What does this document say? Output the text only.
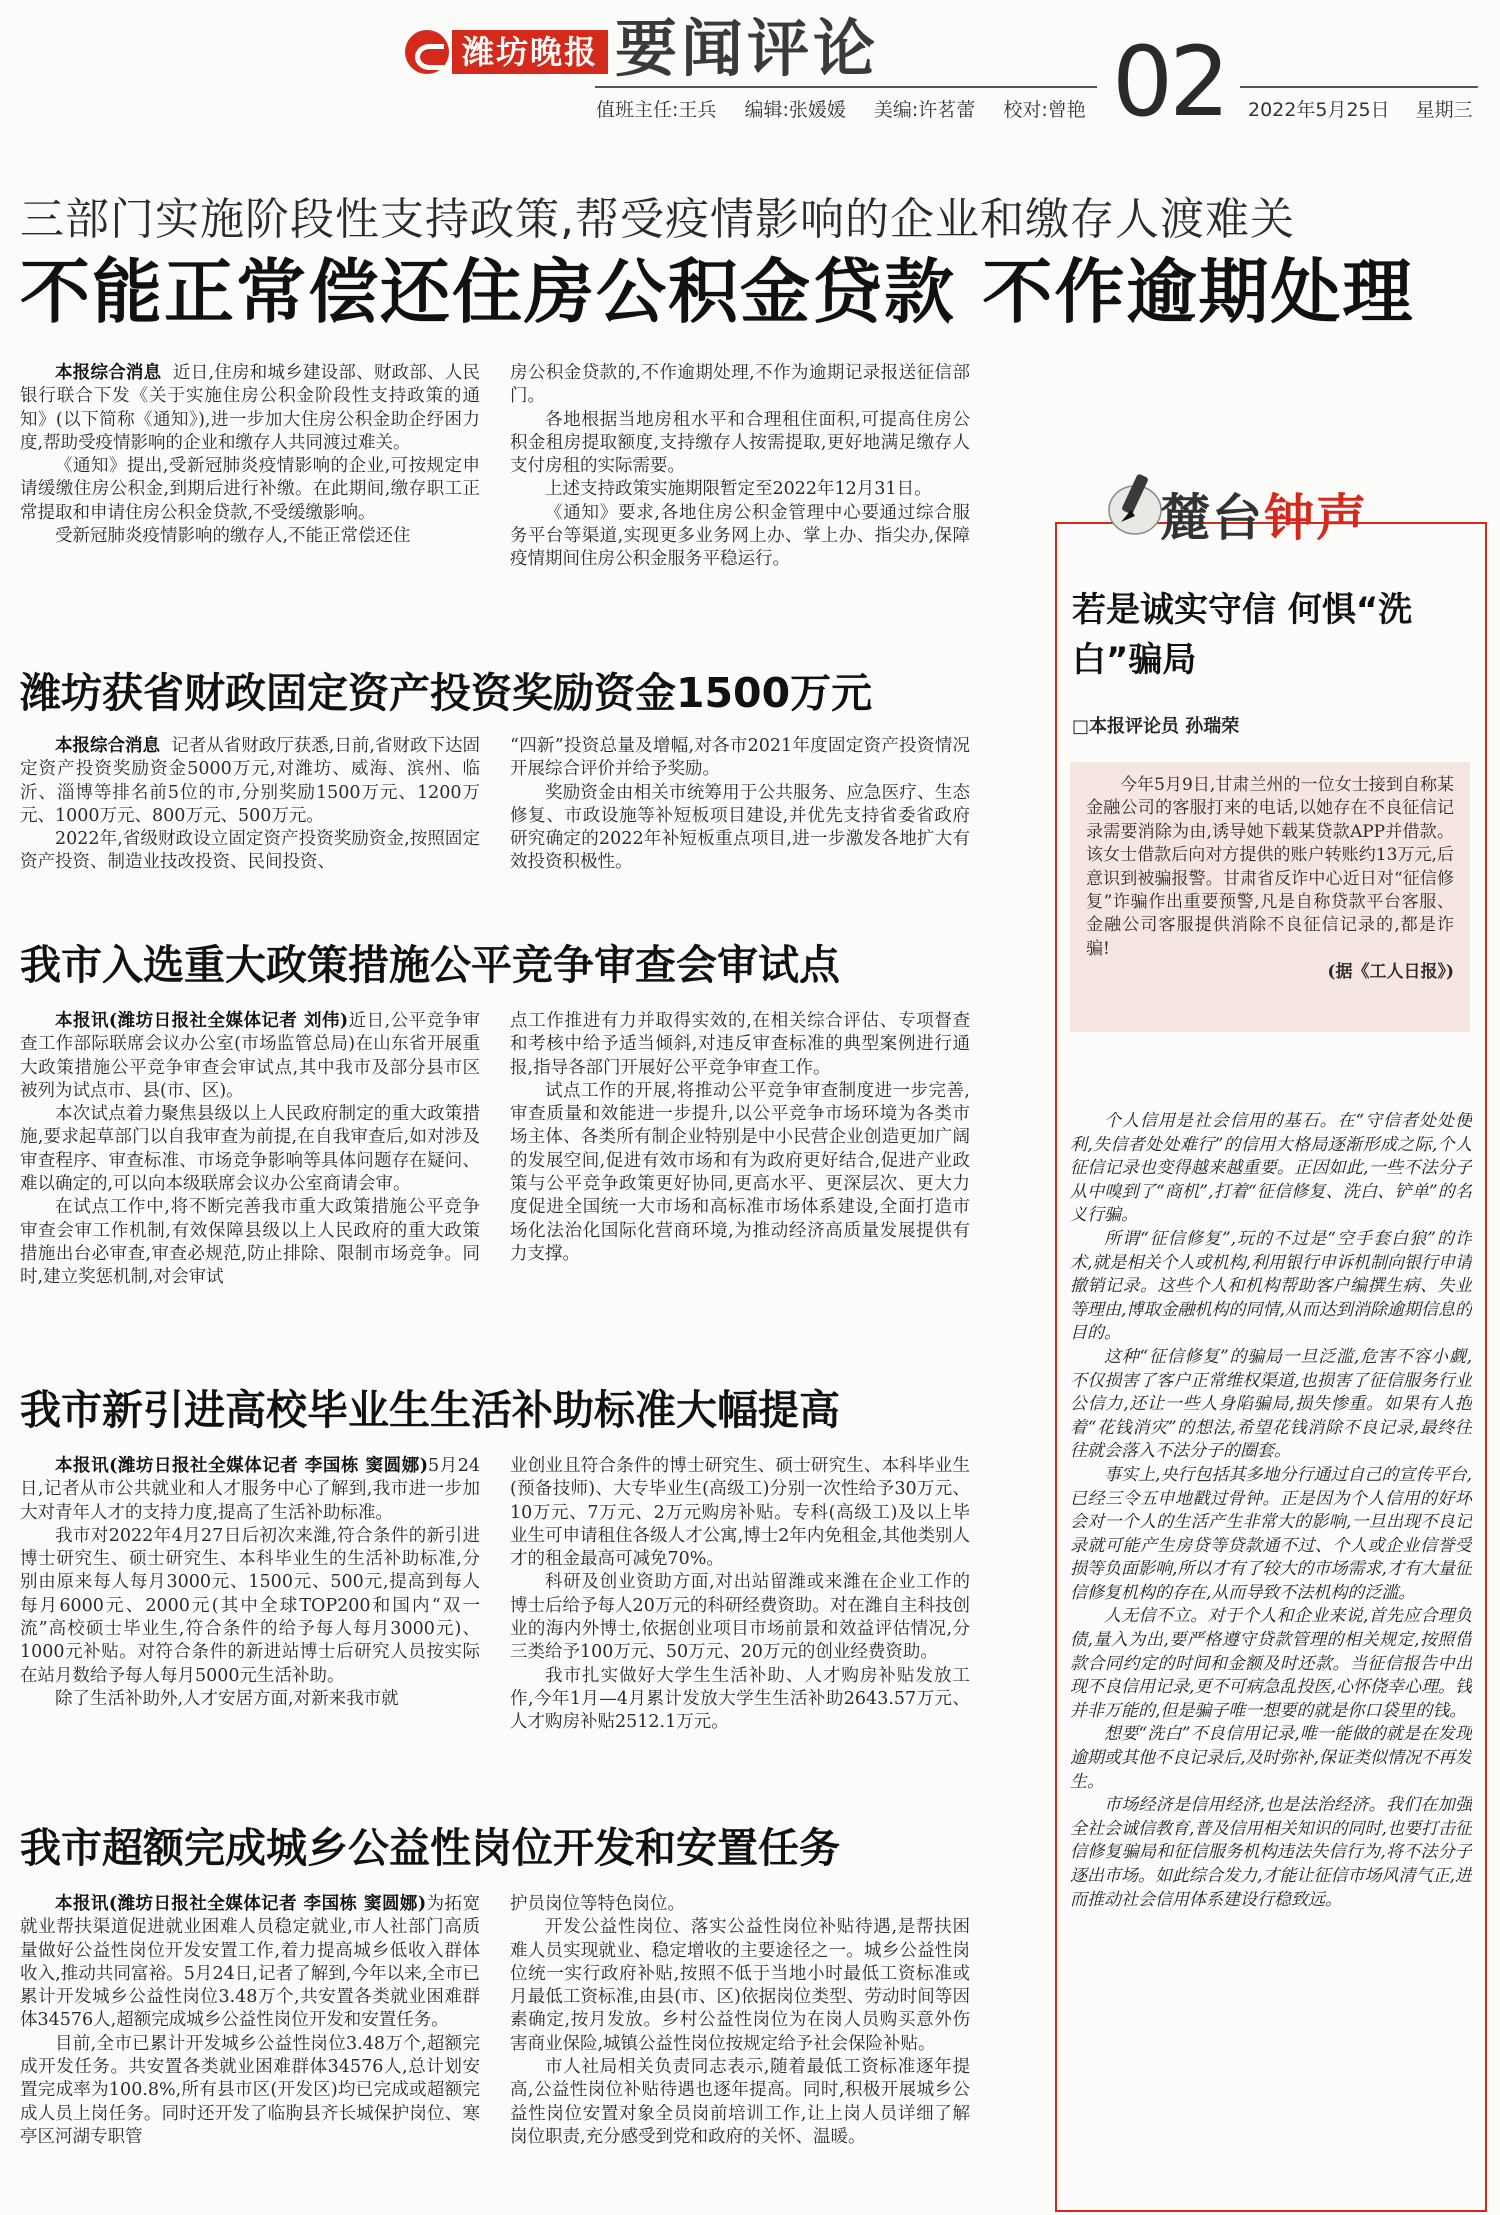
潍坊晚报 要闻评论 02
值班主任:王兵 编辑:张媛媛 美编:许茗蕾 校对:曾艳	2022年5月25日 星期三
三部门实施阶段性支持政策,帮受疫情影响的企业和缴存人渡难关
不能正常偿还住房公积金贷款 不作逾期处理

本报综合消息 近日,住房和城乡建设部、财政部、人民银行联合下发《关于实施住房公积金阶段性支持政策的通知》(以下简称《通知》),进一步加大住房公积金助企纾困力度,帮助受疫情影响的企业和缴存人共同渡过难关。

《通知》提出,受新冠肺炎疫情影响的企业,可按规定申请缓缴住房公积金,到期后进行补缴。在此期间,缴存职工正常提取和申请住房公积金贷款,不受缓缴影响。

受新冠肺炎疫情影响的缴存人,不能正常偿还住

房公积金贷款的,不作逾期处理,不作为逾期记录报送征信部门。

各地根据当地房租水平和合理租住面积,可提高住房公积金租房提取额度,支持缴存人按需提取,更好地满足缴存人支付房租的实际需要。

上述支持政策实施期限暂定至2022年12月31日。

《通知》要求,各地住房公积金管理中心要通过综合服务平台等渠道,实现更多业务网上办、掌上办、指尖办,保障疫情期间住房公积金服务平稳运行。

潍坊获省财政固定资产投资奖励资金1500万元

本报综合消息 记者从省财政厅获悉,日前,省财政下达固定资产投资奖励资金5000万元,对潍坊、威海、滨州、临沂、淄博等排名前5位的市,分别奖励1500万元、1200万元、1000万元、800万元、500万元。

2022年,省级财政设立固定资产投资奖励资金,按照固定资产投资、制造业技改投资、民间投资、

“四新”投资总量及增幅,对各市2021年度固定资产投资情况开展综合评价并给予奖励。

奖励资金由相关市统筹用于公共服务、应急医疗、生态修复、市政设施等补短板项目建设,并优先支持省委省政府研究确定的2022年补短板重点项目,进一步激发各地扩大有效投资积极性。

我市入选重大政策措施公平竞争审查会审试点

本报讯(潍坊日报社全媒体记者 刘伟)近日,公平竞争审查工作部际联席会议办公室(市场监管总局)在山东省开展重大政策措施公平竞争审查会审试点,其中我市及部分县市区被列为试点市、县(市、区)。

本次试点着力聚焦县级以上人民政府制定的重大政策措施,要求起草部门以自我审查为前提,在自我审查后,如对涉及审查程序、审查标准、市场竞争影响等具体问题存在疑问、难以确定的,可以向本级联席会议办公室商请会审。

在试点工作中,将不断完善我市重大政策措施公平竞争审查会审工作机制,有效保障县级以上人民政府的重大政策措施出台必审查,审查必规范,防止排除、限制市场竞争。同时,建立奖惩机制,对会审试

点工作推进有力并取得实效的,在相关综合评估、专项督查和考核中给予适当倾斜,对违反审查标准的典型案例进行通报,指导各部门开展好公平竞争审查工作。

试点工作的开展,将推动公平竞争审查制度进一步完善,审查质量和效能进一步提升,以公平竞争市场环境为各类市场主体、各类所有制企业特别是中小民营企业创造更加广阔的发展空间,促进有效市场和有为政府更好结合,促进产业政策与公平竞争政策更好协同,更高水平、更深层次、更大力度促进全国统一大市场和高标准市场体系建设,全面打造市场化法治化国际化营商环境,为推动经济高质量发展提供有力支撑。

我市新引进高校毕业生生活补助标准大幅提高

本报讯(潍坊日报社全媒体记者 李国栋 窦圆娜)5月24日,记者从市公共就业和人才服务中心了解到,我市进一步加大对青年人才的支持力度,提高了生活补助标准。

我市对2022年4月27日后初次来潍,符合条件的新引进博士研究生、硕士研究生、本科毕业生的生活补助标准,分别由原来每人每月3000元、1500元、500元,提高到每人每月6000元、2000元(其中全球TOP200和国内“双一流”高校硕士毕业生,符合条件的给予每人每月3000元)、1000元补贴。对符合条件的新进站博士后研究人员按实际在站月数给予每人每月5000元生活补助。

除了生活补助外,人才安居方面,对新来我市就

业创业且符合条件的博士研究生、硕士研究生、本科毕业生(预备技师)、大专毕业生(高级工)分别一次性给予30万元、10万元、7万元、2万元购房补贴。专科(高级工)及以上毕业生可申请租住各级人才公寓,博士2年内免租金,其他类别人才的租金最高可减免70%。

科研及创业资助方面,对出站留潍或来潍在企业工作的博士后给予每人20万元的科研经费资助。对在潍自主科技创业的海内外博士,依据创业项目市场前景和效益评估情况,分三类给予100万元、50万元、20万元的创业经费资助。

我市扎实做好大学生生活补助、人才购房补贴发放工作,今年1月—4月累计发放大学生生活补助2643.57万元、人才购房补贴2512.1万元。

我市超额完成城乡公益性岗位开发和安置任务

本报讯(潍坊日报社全媒体记者 李国栋 窦圆娜)为拓宽就业帮扶渠道促进就业困难人员稳定就业,市人社部门高质量做好公益性岗位开发安置工作,着力提高城乡低收入群体收入,推动共同富裕。5月24日,记者了解到,今年以来,全市已累计开发城乡公益性岗位3.48万个,共安置各类就业困难群体34576人,超额完成城乡公益性岗位开发和安置任务。

目前,全市已累计开发城乡公益性岗位3.48万个,超额完成开发任务。共安置各类就业困难群体34576人,总计划安置完成率为100.8%,所有县市区(开发区)均已完成或超额完成人员上岗任务。同时还开发了临朐县齐长城保护岗位、寒亭区河湖专职管

护员岗位等特色岗位。

开发公益性岗位、落实公益性岗位补贴待遇,是帮扶困难人员实现就业、稳定增收的主要途径之一。城乡公益性岗位统一实行政府补贴,按照不低于当地小时最低工资标准或月最低工资标准,由县(市、区)依据岗位类型、劳动时间等因素确定,按月发放。乡村公益性岗位为在岗人员购买意外伤害商业保险,城镇公益性岗位按规定给予社会保险补贴。

市人社局相关负责同志表示,随着最低工资标准逐年提高,公益性岗位补贴待遇也逐年提高。同时,积极开展城乡公益性岗位安置对象全员岗前培训工作,让上岗人员详细了解岗位职责,充分感受到党和政府的关怀、温暖。

麓台钟声
若是诚实守信 何惧“洗白”骗局
□本报评论员 孙瑞荣

今年5月9日,甘肃兰州的一位女士接到自称某金融公司的客服打来的电话,以她存在不良征信记录需要消除为由,诱导她下载某贷款APP并借款。该女士借款后向对方提供的账户转账约13万元,后意识到被骗报警。甘肃省反诈中心近日对“征信修复”诈骗作出重要预警,凡是自称贷款平台客服、金融公司客服提供消除不良征信记录的,都是诈骗!

(据《工人日报》)

个人信用是社会信用的基石。在“守信者处处便利,失信者处处难行”的信用大格局逐渐形成之际,个人征信记录也变得越来越重要。正因如此,一些不法分子从中嗅到了“商机”,打着“征信修复、洗白、铲单”的名义行骗。

所谓“征信修复”,玩的不过是“空手套白狼”的诈术,就是相关个人或机构,利用银行申诉机制向银行申请撤销记录。这些个人和机构帮助客户编撰生病、失业等理由,博取金融机构的同情,从而达到消除逾期信息的目的。

这种“征信修复”的骗局一旦泛滥,危害不容小觑,不仅损害了客户正常维权渠道,也损害了征信服务行业公信力,还让一些人身陷骗局,损失惨重。如果有人抱着“花钱消灾”的想法,希望花钱消除不良记录,最终往往就会落入不法分子的圈套。

事实上,央行包括其多地分行通过自己的宣传平台,已经三令五申地戳过骨钟。正是因为个人信用的好坏会对一个人的生活产生非常大的影响,一旦出现不良记录就可能产生房贷等贷款通不过、个人或企业信誉受损等负面影响,所以才有了较大的市场需求,才有大量征信修复机构的存在,从而导致不法机构的泛滥。

人无信不立。对于个人和企业来说,首先应合理负债,量入为出,要严格遵守贷款管理的相关规定,按照借款合同约定的时间和金额及时还款。当征信报告中出现不良信用记录,更不可病急乱投医,心怀侥幸心理。钱并非万能的,但是骗子唯一想要的就是你口袋里的钱。

想要“洗白”不良信用记录,唯一能做的就是在发现逾期或其他不良记录后,及时弥补,保证类似情况不再发生。

市场经济是信用经济,也是法治经济。我们在加强全社会诚信教育,普及信用相关知识的同时,也要打击征信修复骗局和征信服务机构违法失信行为,将不法分子逐出市场。如此综合发力,才能让征信市场风清气正,进而推动社会信用体系建设行稳致远。
